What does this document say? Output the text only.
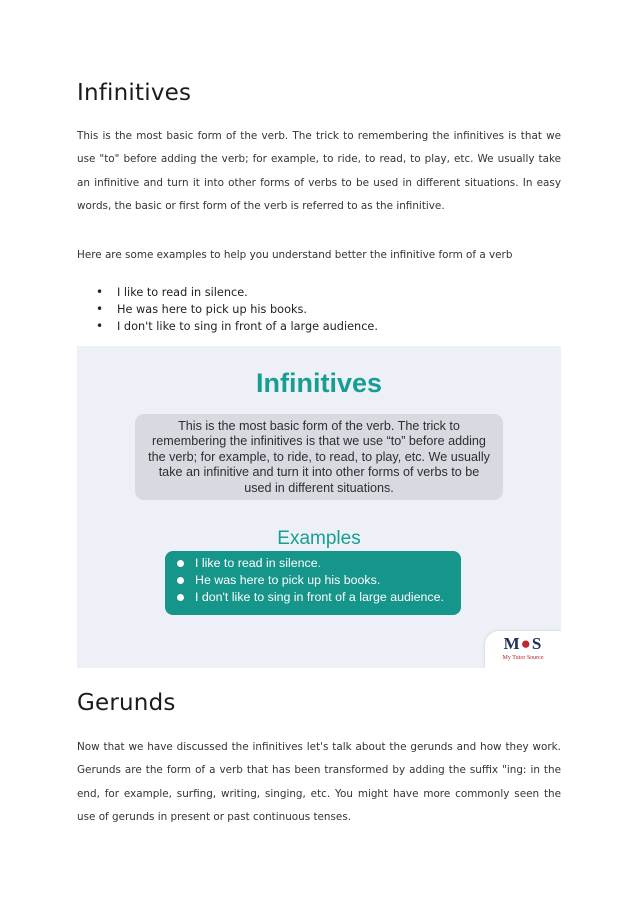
Infinitives

This is the most basic form of the verb. The trick to remembering the infinitives is that we use "to" before adding the verb; for example, to ride, to read, to play, etc. We usually take an infinitive and turn it into other forms of verbs to be used in different situations. In easy words, the basic or first form of the verb is referred to as the infinitive.

Here are some examples to help you understand better the infinitive form of a verb

• I like to read in silence.
• He was here to pick up his books.
• I don't like to sing in front of a large audience.
Infinitives
This is the most basic form of the verb. The trick to remembering the infinitives is that we use “to” before adding the verb; for example, to ride, to read, to play, etc. We usually take an infinitive and turn it into other forms of verbs to be used in different situations.
Examples
I like to read in silence.
He was here to pick up his books.
I don't like to sing in front of a large audience.
M●S
My Tutor Source
Gerunds

Now that we have discussed the infinitives let's talk about the gerunds and how they work. Gerunds are the form of a verb that has been transformed by adding the suffix "ing: in the end, for example, surfing, writing, singing, etc. You might have more commonly seen the use of gerunds in present or past continuous tenses.
